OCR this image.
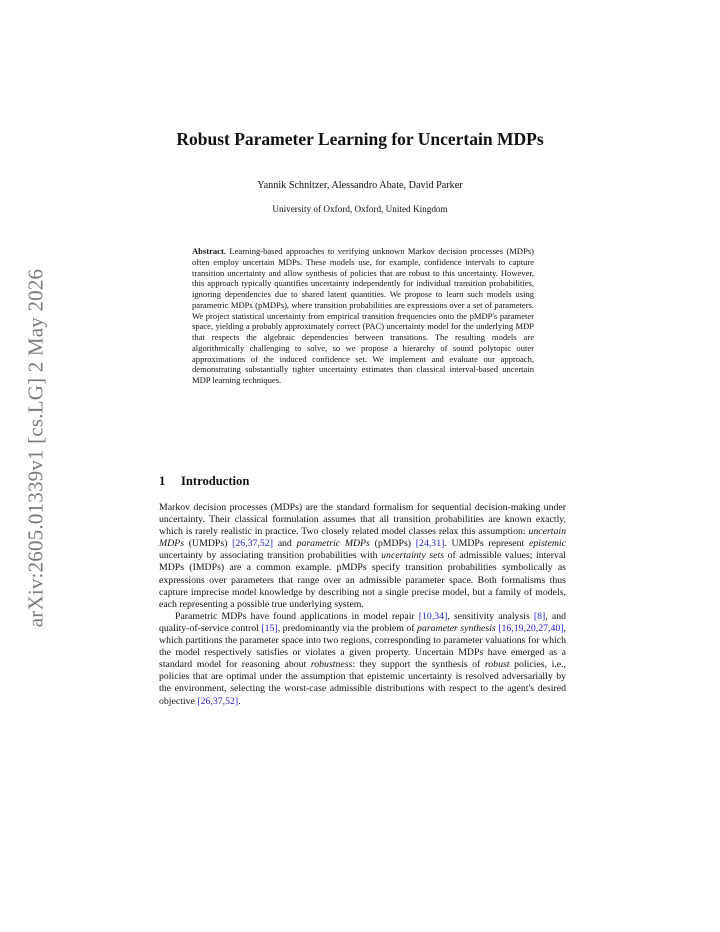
arXiv:2605.01339v1 [cs.LG] 2 May 2026
Robust Parameter Learning for Uncertain MDPs
Yannik Schnitzer, Alessandro Abate, David Parker
University of Oxford, Oxford, United Kingdom
Abstract. Learning-based approaches to verifying unknown Markov decision processes (MDPs) often employ uncertain MDPs. These models use, for example, confidence intervals to capture transition uncertainty and allow synthesis of policies that are robust to this uncertainty. However, this approach typically quantifies uncertainty independently for individual transition probabilities, ignoring dependencies due to shared latent quantities. We propose to learn such models using parametric MDPs (pMDPs), where transition probabilities are expressions over a set of parameters. We project statistical uncertainty from empirical transition frequencies onto the pMDP's parameter space, yielding a probably approximately correct (PAC) uncertainty model for the underlying MDP that respects the algebraic dependencies between transitions. The resulting models are algorithmically challenging to solve, so we propose a hierarchy of sound polytopic outer approximations of the induced confidence set. We implement and evaluate our approach, demonstrating substantially tighter uncertainty estimates than classical interval-based uncertain MDP learning techniques.
1 Introduction

Markov decision processes (MDPs) are the standard formalism for sequential decision-making under uncertainty. Their classical formulation assumes that all transition probabilities are known exactly, which is rarely realistic in practice. Two closely related model classes relax this assumption: uncertain MDPs (UMDPs) [26,37,52] and parametric MDPs (pMDPs) [24,31]. UMDPs represent epistemic uncertainty by associating transition probabilities with uncertainty sets of admissible values; interval MDPs (IMDPs) are a common example. pMDPs specify transition probabilities symbolically as expressions over parameters that range over an admissible parameter space. Both formalisms thus capture imprecise model knowledge by describing not a single precise model, but a family of models, each representing a possible true underlying system.

Parametric MDPs have found applications in model repair [10,34], sensitivity analysis [8], and quality-of-service control [15], predominantly via the problem of parameter synthesis [16,19,20,27,40], which partitions the parameter space into two regions, corresponding to parameter valuations for which the model respectively satisfies or violates a given property. Uncertain MDPs have emerged as a standard model for reasoning about robustness: they support the synthesis of robust policies, i.e., policies that are optimal under the assumption that epistemic uncertainty is resolved adversarially by the environment, selecting the worst-case admissible distributions with respect to the agent's desired objective [26,37,52].
